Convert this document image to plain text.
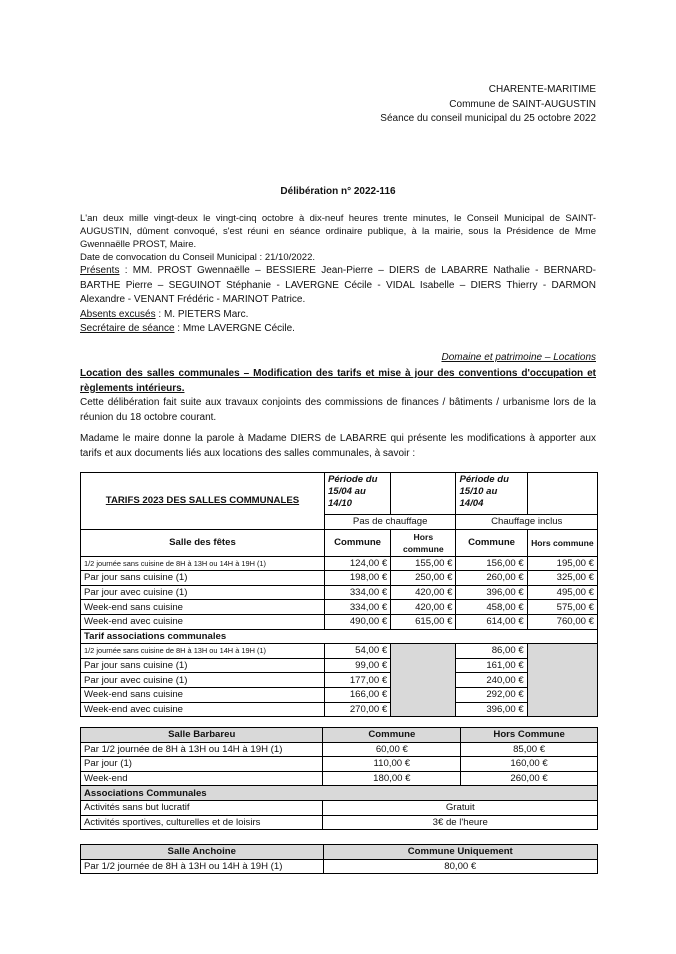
CHARENTE-MARITIME
Commune de SAINT-AUGUSTIN
Séance du conseil municipal du 25 octobre 2022
Délibération n° 2022-116

L'an deux mille vingt-deux le vingt-cinq octobre à dix-neuf heures trente minutes, le Conseil Municipal de SAINT-AUGUSTIN, dûment convoqué, s'est réuni en séance ordinaire publique, à la mairie, sous la Présidence de Mme Gwennaëlle PROST, Maire.

Date de convocation du Conseil Municipal : 21/10/2022.

Présents : MM. PROST Gwennaëlle – BESSIERE Jean-Pierre – DIERS de LABARRE Nathalie - BERNARD-BARTHE Pierre – SEGUINOT Stéphanie - LAVERGNE Cécile - VIDAL Isabelle – DIERS Thierry - DARMON Alexandre - VENANT Frédéric - MARINOT Patrice.

Absents excusés : M. PIETERS Marc.

Secrétaire de séance : Mme LAVERGNE Cécile.

Domaine et patrimoine – Locations

Location des salles communales – Modification des tarifs et mise à jour des conventions d'occupation et règlements intérieurs.

Cette délibération fait suite aux travaux conjoints des commissions de finances / bâtiments / urbanisme lors de la réunion du 18 octobre courant.

Madame le maire donne la parole à Madame DIERS de LABARRE qui présente les modifications à apporter aux tarifs et aux documents liés aux locations des salles communales, à savoir :

TARIFS 2023 DES SALLES COMMUNALES	Période du 15/04 au 14/10		Période du 15/10 au 14/04	
	Pas de chauffage		Chauffage inclus	
Salle des fêtes	Commune	Hors commune	Commune	Hors commune
1/2 journée sans cuisine de 8H à 13H ou 14H à 19H (1)	124,00 €	155,00 €	156,00 €	195,00 €
Par jour sans cuisine (1)	198,00 €	250,00 €	260,00 €	325,00 €
Par jour avec cuisine (1)	334,00 €	420,00 €	396,00 €	495,00 €
Week-end sans cuisine	334,00 €	420,00 €	458,00 €	575,00 €
Week-end avec cuisine	490,00 €	615,00 €	614,00 €	760,00 €
Tarif associations communales				
1/2 journée sans cuisine de 8H à 13H ou 14H à 19H (1)	54,00 €		86,00 €	
Par jour sans cuisine (1)	99,00 €		161,00 €	
Par jour avec cuisine (1)	177,00 €		240,00 €	
Week-end sans cuisine	166,00 €		292,00 €	
Week-end avec cuisine	270,00 €		396,00 €	
Salle Barbareu	Commune	Hors Commune
Par 1/2 journée de 8H à 13H ou 14H à 19H (1)	60,00 €	85,00 €
Par jour (1)	110,00 €	160,00 €
Week-end	180,00 €	260,00 €
Associations Communales		
Activités sans but lucratif	Gratuit	
Activités sportives, culturelles et de loisirs	3€ de l'heure	
Salle Anchoine	Commune Uniquement
Par 1/2 journée de 8H à 13H ou 14H à 19H (1)	80,00 €
